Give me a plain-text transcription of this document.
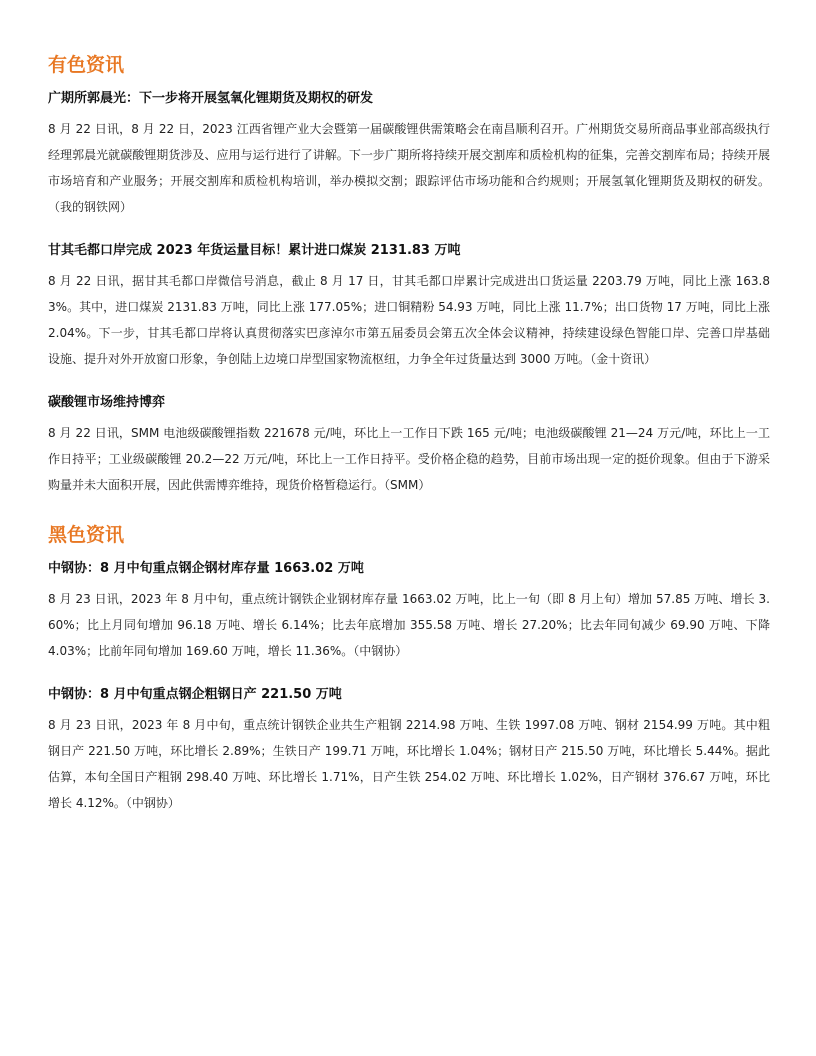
有色资讯
广期所郭晨光：下一步将开展氢氧化锂期货及期权的研发

8 月 22 日讯，8 月 22 日，2023 江西省锂产业大会暨第一届碳酸锂供需策略会在南昌顺利召开。广州期货交易所商品事业部高级执行经理郭晨光就碳酸锂期货涉及、应用与运行进行了讲解。下一步广期所将持续开展交割库和质检机构的征集，完善交割库布局；持续开展市场培育和产业服务；开展交割库和质检机构培训，举办模拟交割；跟踪评估市场功能和合约规则；开展氢氧化锂期货及期权的研发。（我的钢铁网）

甘其毛都口岸完成 2023 年货运量目标！累计进口煤炭 2131.83 万吨

8 月 22 日讯，据甘其毛都口岸微信号消息，截止 8 月 17 日，甘其毛都口岸累计完成进出口货运量 2203.79 万吨，同比上涨 163.83%。其中，进口煤炭 2131.83 万吨，同比上涨 177.05%；进口铜精粉 54.93 万吨，同比上涨 11.7%；出口货物 17 万吨，同比上涨 2.04%。下一步，甘其毛都口岸将认真贯彻落实巴彦淖尔市第五届委员会第五次全体会议精神，持续建设绿色智能口岸、完善口岸基础设施、提升对外开放窗口形象，争创陆上边境口岸型国家物流枢纽，力争全年过货量达到 3000 万吨。（金十资讯）

碳酸锂市场维持博弈

8 月 22 日讯，SMM 电池级碳酸锂指数 221678 元/吨，环比上一工作日下跌 165 元/吨；电池级碳酸锂 21—24 万元/吨，环比上一工作日持平；工业级碳酸锂 20.2—22 万元/吨，环比上一工作日持平。受价格企稳的趋势，目前市场出现一定的挺价现象。但由于下游采购量并未大面积开展，因此供需博弈维持，现货价格暂稳运行。（SMM）

黑色资讯
中钢协：8 月中旬重点钢企钢材库存量 1663.02 万吨

8 月 23 日讯，2023 年 8 月中旬，重点统计钢铁企业钢材库存量 1663.02 万吨，比上一旬（即 8 月上旬）增加 57.85 万吨、增长 3.60%；比上月同旬增加 96.18 万吨、增长 6.14%；比去年底增加 355.58 万吨、增长 27.20%；比去年同旬减少 69.90 万吨、下降 4.03%；比前年同旬增加 169.60 万吨，增长 11.36%。（中钢协）

中钢协：8 月中旬重点钢企粗钢日产 221.50 万吨

8 月 23 日讯，2023 年 8 月中旬，重点统计钢铁企业共生产粗钢 2214.98 万吨、生铁 1997.08 万吨、钢材 2154.99 万吨。其中粗钢日产 221.50 万吨，环比增长 2.89%；生铁日产 199.71 万吨，环比增长 1.04%；钢材日产 215.50 万吨，环比增长 5.44%。据此估算，本旬全国日产粗钢 298.40 万吨、环比增长 1.71%，日产生铁 254.02 万吨、环比增长 1.02%，日产钢材 376.67 万吨，环比增长 4.12%。（中钢协）
